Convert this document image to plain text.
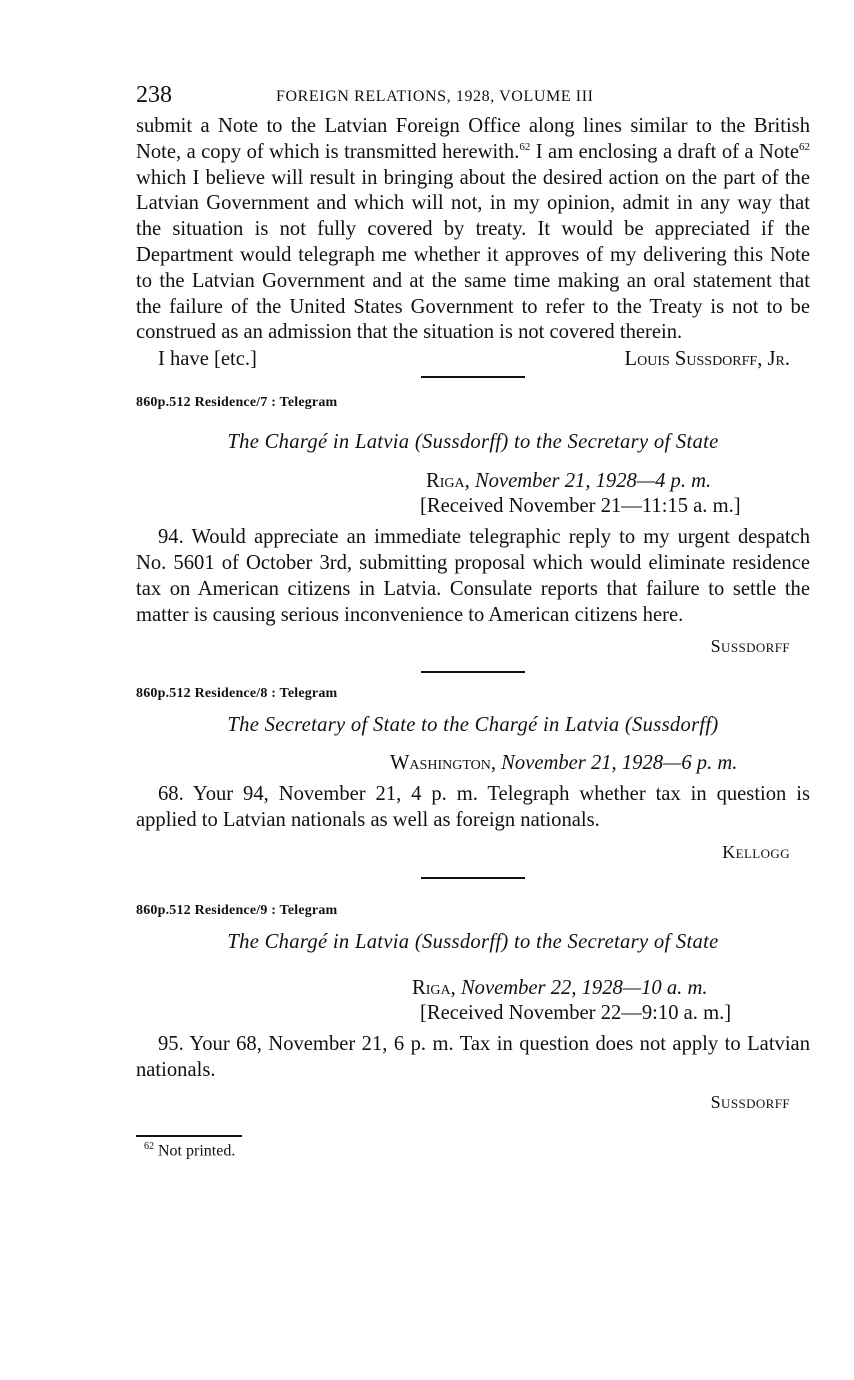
238	FOREIGN RELATIONS, 1928, VOLUME III

submit a Note to the Latvian Foreign Office along lines similar to the British Note, a copy of which is transmitted herewith.$^{62}$ I am enclosing a draft of a Note$^{62}$ which I believe will result in bringing about the desired action on the part of the Latvian Government and which will not, in my opinion, admit in any way that the situation is not fully covered by treaty. It would be appreciated if the Department would telegraph me whether it approves of my delivering this Note to the Latvian Government and at the same time making an oral statement that the failure of the United States Government to refer to the Treaty is not to be construed as an admission that the situation is not covered therein.

I have [etc.]	Louis Sussdorff, Jr.
860p.512 Residence/7 : Telegram
The Chargé in Latvia (Sussdorff) to the Secretary of State
Riga, November 21, 1928—4 p. m.
[Received November 21—11:15 a. m.]

94. Would appreciate an immediate telegraphic reply to my urgent despatch No. 5601 of October 3rd, submitting proposal which would eliminate residence tax on American citizens in Latvia. Consulate reports that failure to settle the matter is causing serious inconvenience to American citizens here.

Sussdorff
860p.512 Residence/8 : Telegram
The Secretary of State to the Chargé in Latvia (Sussdorff)
Washington, November 21, 1928—6 p. m.

68. Your 94, November 21, 4 p. m. Telegraph whether tax in question is applied to Latvian nationals as well as foreign nationals.

Kellogg
860p.512 Residence/9 : Telegram
The Chargé in Latvia (Sussdorff) to the Secretary of State
Riga, November 22, 1928—10 a. m.
[Received November 22—9:10 a. m.]

95. Your 68, November 21, 6 p. m. Tax in question does not apply to Latvian nationals.

Sussdorff
$^{62}$ Not printed.
